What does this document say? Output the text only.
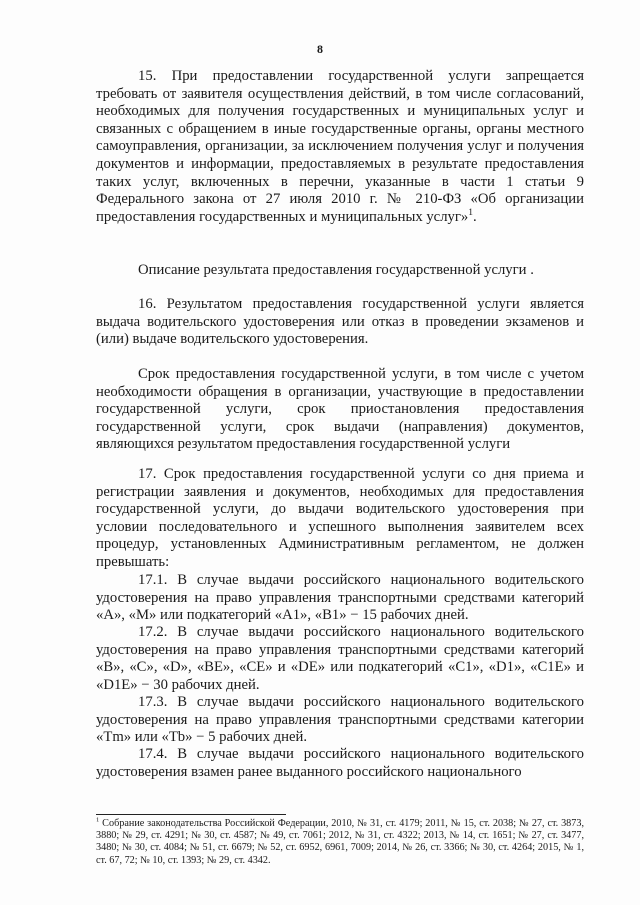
8

15. При предоставлении государственной услуги запрещается требовать от заявителя осуществления действий, в том числе согласований, необходимых для получения государственных и муниципальных услуг и связанных с обращением в иные государственные органы, органы местного самоуправления, организации, за исключением получения услуг и получения документов и информации, предоставляемых в результате предоставления таких услуг, включенных в перечни, указанные в части 1 статьи 9 Федерального закона от 27 июля 2010 г. № 210-ФЗ «Об организации предоставления государственных и муниципальных услуг»$^1$.

Описание результата предоставления государственной услуги .

16. Результатом предоставления государственной услуги является выдача водительского удостоверения или отказ в проведении экзаменов и (или) выдаче водительского удостоверения.

Срок предоставления государственной услуги, в том числе с учетом необходимости обращения в организации, участвующие в предоставлении государственной услуги, срок приостановления предоставления государственной услуги, срок выдачи (направления) документов, являющихся результатом предоставления государственной услуги

17. Срок предоставления государственной услуги со дня приема и регистрации заявления и документов, необходимых для предоставления государственной услуги, до выдачи водительского удостоверения при условии последовательного и успешного выполнения заявителем всех процедур, установленных Административным регламентом, не должен превышать:

17.1. В случае выдачи российского национального водительского удостоверения на право управления транспортными средствами категорий «A», «M» или подкатегорий «A1», «B1» − 15 рабочих дней.

17.2. В случае выдачи российского национального водительского удостоверения на право управления транспортными средствами категорий «B», «C», «D», «BE», «CE» и «DE» или подкатегорий «C1», «D1», «C1E» и «D1E» − 30 рабочих дней.

17.3. В случае выдачи российского национального водительского удостоверения на право управления транспортными средствами категории «Tm» или «Tb» − 5 рабочих дней.

17.4. В случае выдачи российского национального водительского удостоверения взамен ранее выданного российского национального

$^1$ Собрание законодательства Российской Федерации, 2010, № 31, ст. 4179; 2011, № 15, ст. 2038; № 27, ст. 3873, 3880; № 29, ст. 4291; № 30, ст. 4587; № 49, ст. 7061; 2012, № 31, ст. 4322; 2013, № 14, ст. 1651; № 27, ст. 3477, 3480; № 30, ст. 4084; № 51, ст. 6679; № 52, ст. 6952, 6961, 7009; 2014, № 26, ст. 3366; № 30, ст. 4264; 2015, № 1, ст. 67, 72; № 10, ст. 1393; № 29, ст. 4342.
